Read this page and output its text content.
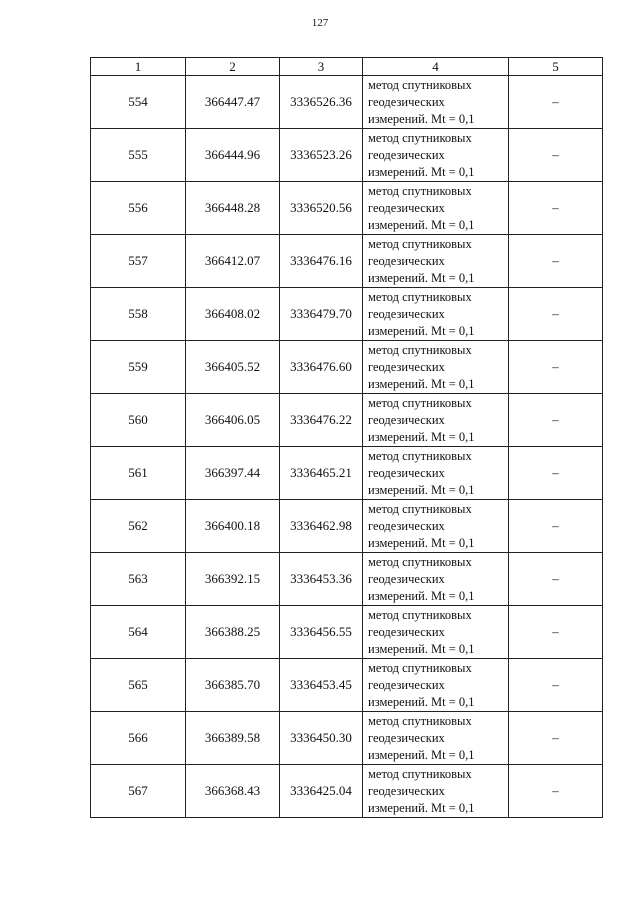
127
1	2	3	4	5
554	366447.47	3336526.36	метод спутниковых
геодезических
измерений. Mt = 0,1	–
555	366444.96	3336523.26	метод спутниковых
геодезических
измерений. Mt = 0,1	–
556	366448.28	3336520.56	метод спутниковых
геодезических
измерений. Mt = 0,1	–
557	366412.07	3336476.16	метод спутниковых
геодезических
измерений. Mt = 0,1	–
558	366408.02	3336479.70	метод спутниковых
геодезических
измерений. Mt = 0,1	–
559	366405.52	3336476.60	метод спутниковых
геодезических
измерений. Mt = 0,1	–
560	366406.05	3336476.22	метод спутниковых
геодезических
измерений. Mt = 0,1	–
561	366397.44	3336465.21	метод спутниковых
геодезических
измерений. Mt = 0,1	–
562	366400.18	3336462.98	метод спутниковых
геодезических
измерений. Mt = 0,1	–
563	366392.15	3336453.36	метод спутниковых
геодезических
измерений. Mt = 0,1	–
564	366388.25	3336456.55	метод спутниковых
геодезических
измерений. Mt = 0,1	–
565	366385.70	3336453.45	метод спутниковых
геодезических
измерений. Mt = 0,1	–
566	366389.58	3336450.30	метод спутниковых
геодезических
измерений. Mt = 0,1	–
567	366368.43	3336425.04	метод спутниковых
геодезических
измерений. Mt = 0,1	–
